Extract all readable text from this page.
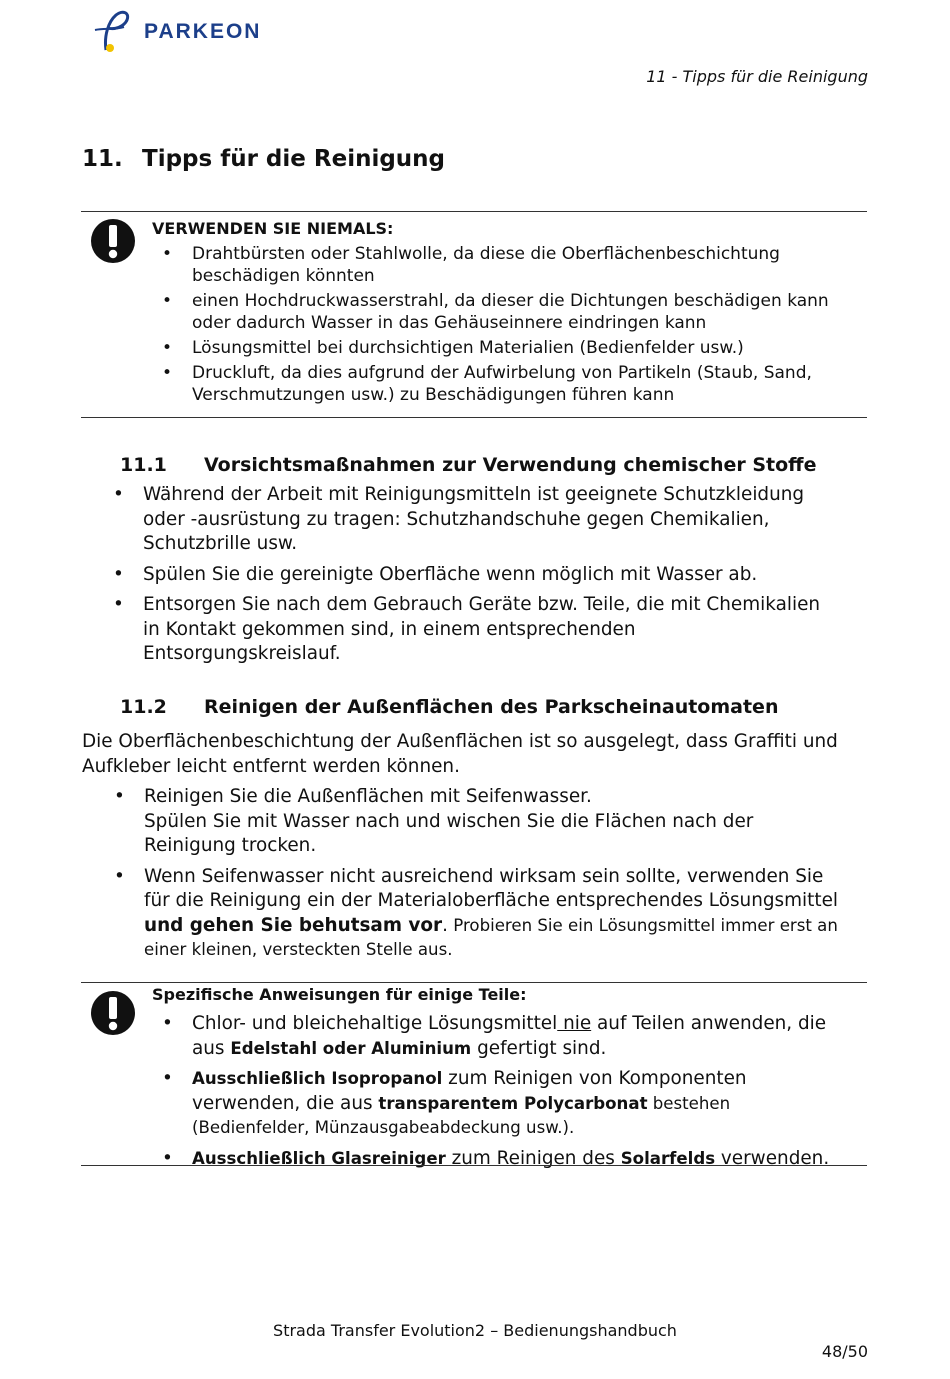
PARKEON
11 - Tipps für die Reinigung
11. Tipps für die Reinigung
VERWENDEN SIE NIEMALS:
• Drahtbürsten oder Stahlwolle, da diese die Oberflächenbeschichtung beschädigen könnten
• einen Hochdruckwasserstrahl, da dieser die Dichtungen beschädigen kann oder dadurch Wasser in das Gehäuseinnere eindringen kann
• Lösungsmittel bei durchsichtigen Materialien (Bedienfelder usw.)
• Druckluft, da dies aufgrund der Aufwirbelung von Partikeln (Staub, Sand, Verschmutzungen usw.) zu Beschädigungen führen kann
11.1 Vorsichtsmaßnahmen zur Verwendung chemischer Stoffe
• Während der Arbeit mit Reinigungsmitteln ist geeignete Schutzkleidung oder -ausrüstung zu tragen: Schutzhandschuhe gegen Chemikalien, Schutzbrille usw.
• Spülen Sie die gereinigte Oberfläche wenn möglich mit Wasser ab.
• Entsorgen Sie nach dem Gebrauch Geräte bzw. Teile, die mit Chemikalien in Kontakt gekommen sind, in einem entsprechenden Entsorgungskreislauf.
11.2 Reinigen der Außenflächen des Parkscheinautomaten

Die Oberflächenbeschichtung der Außenflächen ist so ausgelegt, dass Graffiti und Aufkleber leicht entfernt werden können.

• Reinigen Sie die Außenflächen mit Seifenwasser.
Spülen Sie mit Wasser nach und wischen Sie die Flächen nach der Reinigung trocken.
• Wenn Seifenwasser nicht ausreichend wirksam sein sollte, verwenden Sie für die Reinigung ein der Materialoberfläche entsprechendes Lösungsmittel und gehen Sie behutsam vor. Probieren Sie ein Lösungsmittel immer erst an einer kleinen, versteckten Stelle aus.
Spezifische Anweisungen für einige Teile:
• Chlor- und bleichehaltige Lösungsmittel nie auf Teilen anwenden, die aus Edelstahl oder Aluminium gefertigt sind.
• Ausschließlich Isopropanol zum Reinigen von Komponenten verwenden, die aus transparentem Polycarbonat bestehen (Bedienfelder, Münzausgabeabdeckung usw.).
• Ausschließlich Glasreiniger zum Reinigen des Solarfelds verwenden.
Strada Transfer Evolution2 – Bedienungshandbuch
48/50
